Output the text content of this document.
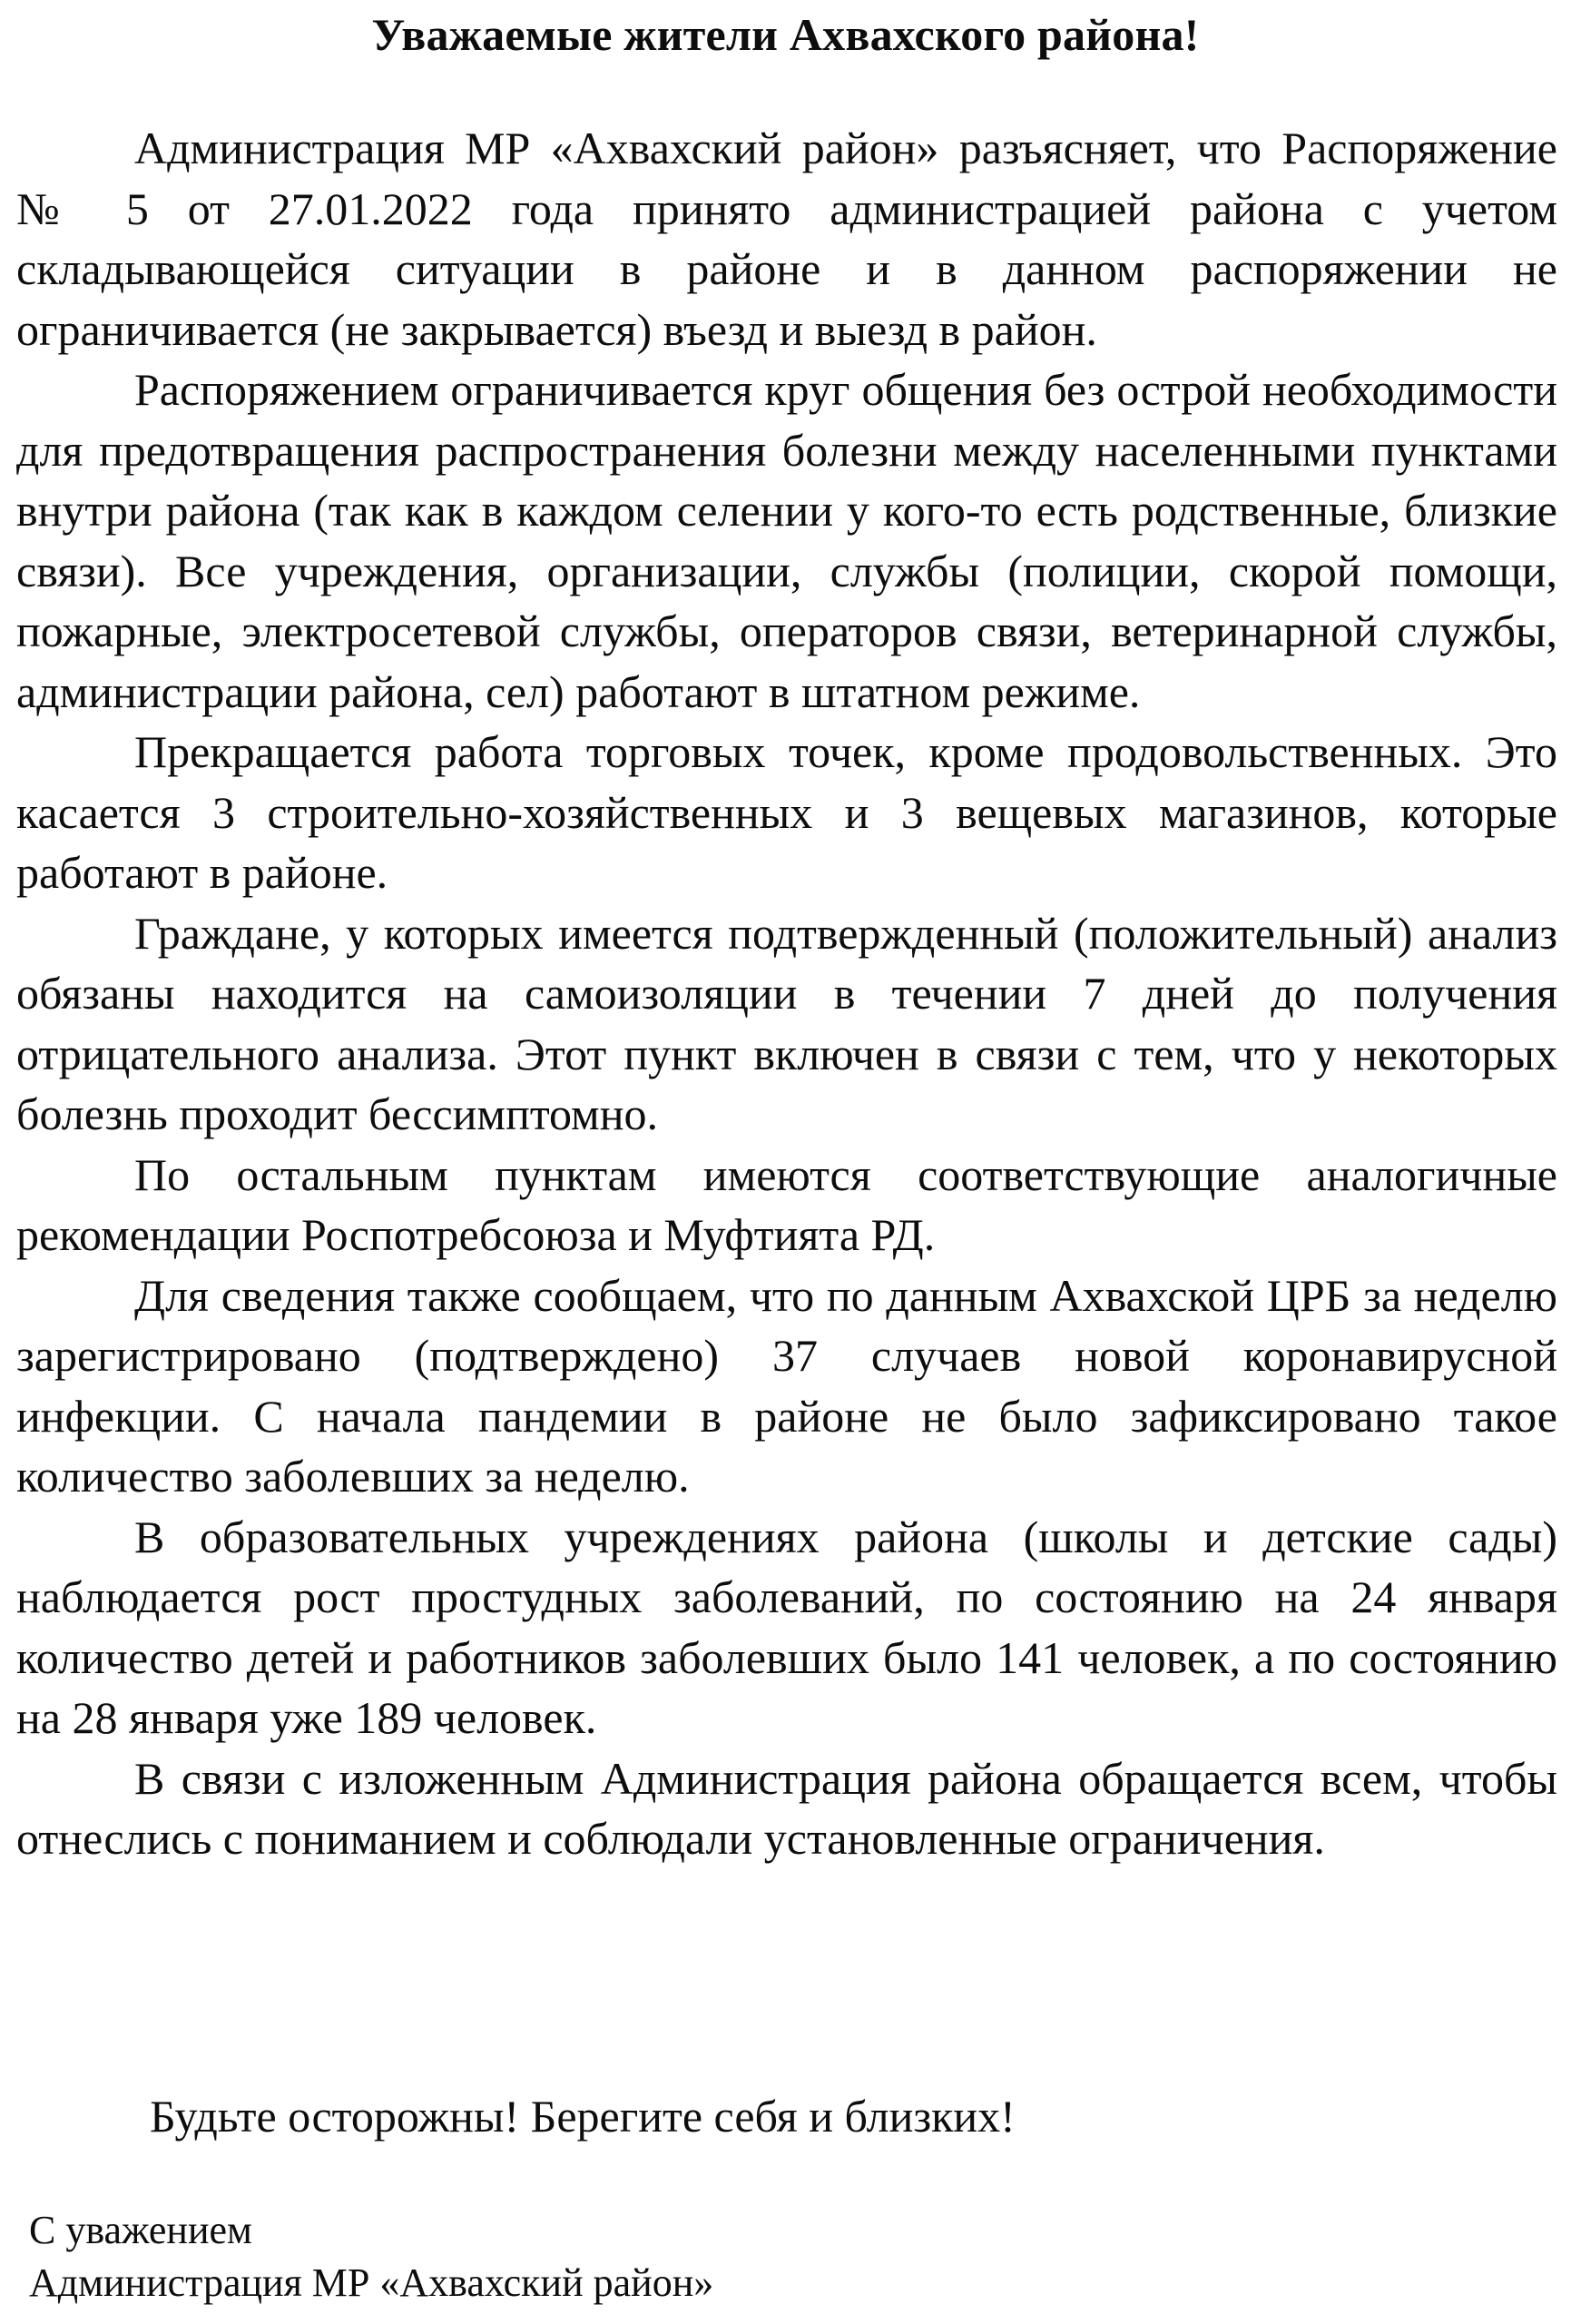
Уважаемые жители Ахвахского района!

Администрация МР «Ахвахский район» разъясняет, что Распоряжение № 5 от 27.01.2022 года принято администрацией района с учетом складывающейся ситуации в районе и в данном распоряжении не ограничивается (не закрывается) въезд и выезд в район.

Распоряжением ограничивается круг общения без острой необходимости для предотвращения распространения болезни между населенными пунктами внутри района (так как в каждом селении у кого-то есть родственные, близкие связи). Все учреждения, организации, службы (полиции, скорой помощи, пожарные, электросетевой службы, операторов связи, ветеринарной службы, администрации района, сел) работают в штатном режиме.

Прекращается работа торговых точек, кроме продовольственных. Это касается 3 строительно-хозяйственных и 3 вещевых магазинов, которые работают в районе.

Граждане, у которых имеется подтвержденный (положительный) анализ обязаны находится на самоизоляции в течении 7 дней до получения отрицательного анализа. Этот пункт включен в связи с тем, что у некоторых болезнь проходит бессимптомно.

По остальным пунктам имеются соответствующие аналогичные рекомендации Роспотребсоюза и Муфтията РД.

Для сведения также сообщаем, что по данным Ахвахской ЦРБ за неделю зарегистрировано (подтверждено) 37 случаев новой коронавирусной инфекции. С начала пандемии в районе не было зафиксировано такое количество заболевших за неделю.

В образовательных учреждениях района (школы и детские сады) наблюдается рост простудных заболеваний, по состоянию на 24 января количество детей и работников заболевших было 141 человек, а по состоянию на 28 января уже 189 человек.

В связи с изложенным Администрация района обращается всем, чтобы отнеслись с пониманием и соблюдали установленные ограничения.

Будьте осторожны! Берегите себя и близких!

С уважением
Администрация МР «Ахвахский район»
